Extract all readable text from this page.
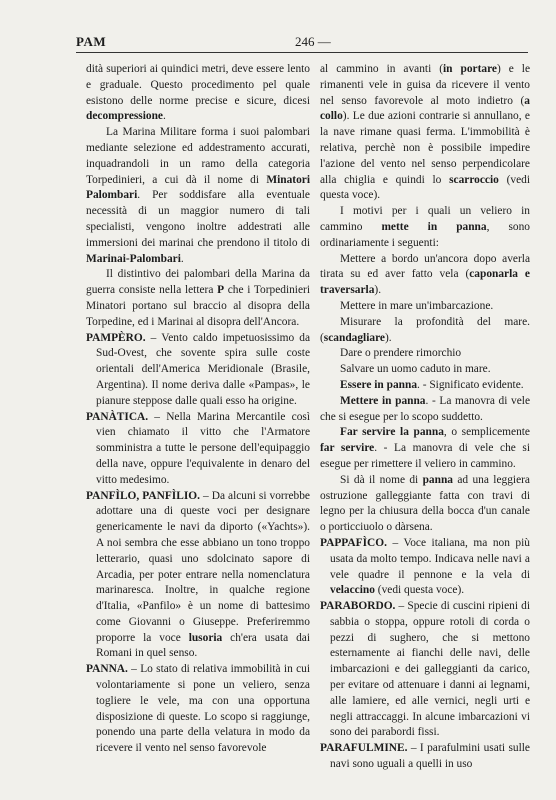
PAM	246 —

dità superiori ai quindici metri, deve essere lento e graduale. Questo procedimento pel quale esistono delle norme precise e sicure, dicesi decompressione.

La Marina Militare forma i suoi palombari mediante selezione ed addestramento accurati, inquadrandoli in un ramo della categoria Torpedinieri, a cui dà il nome di Minatori Palombari. Per soddisfare alla eventuale necessità di un maggior numero di tali specialisti, vengono inoltre addestrati alle immersioni dei marinai che prendono il titolo di Marinai-Palombari.

Il distintivo dei palombari della Marina da guerra consiste nella lettera P che i Torpedinieri Minatori portano sul braccio al disopra della Torpedine, ed i Marinai al disopra dell'Ancora.

PAMPÈRO. – Vento caldo impetuosissimo da Sud-Ovest, che sovente spira sulle coste orientali dell'America Meridionale (Brasile, Argentina). Il nome deriva dalle «Pampas», le pianure steppose dalle quali esso ha origine.

PANÀTICA. – Nella Marina Mercantile così vien chiamato il vitto che l'Armatore somministra a tutte le persone dell'equipaggio della nave, oppure l'equivalente in denaro del vitto medesimo.

PANFÌLO, PANFÌLIO. – Da alcuni si vorrebbe adottare una di queste voci per designare genericamente le navi da diporto («Yachts»). A noi sembra che esse abbiano un tono troppo letterario, quasi uno sdolcinato sapore di Arcadia, per poter entrare nella nomenclatura marinaresca. Inoltre, in qualche regione d'Italia, «Panfilo» è un nome di battesimo come Giovanni o Giuseppe. Preferiremmo proporre la voce lusoria ch'era usata dai Romani in quel senso.

PANNA. – Lo stato di relativa immobilità in cui volontariamente si pone un veliero, senza togliere le vele, ma con una opportuna disposizione di queste. Lo scopo si raggiunge, ponendo una parte della velatura in modo da ricevere il vento nel senso favorevole

al cammino in avanti (in portare) e le rimanenti vele in guisa da ricevere il vento nel senso favorevole al moto indietro (a collo). Le due azioni contrarie si annullano, e la nave rimane quasi ferma. L'immobilità è relativa, perchè non è possibile impedire l'azione del vento nel senso perpendicolare alla chiglia e quindi lo scarroccio (vedi questa voce).

I motivi per i quali un veliero in cammino mette in panna, sono ordinariamente i seguenti:

Mettere a bordo un'ancora dopo averla tirata su ed aver fatto vela (caponarla e traversarla).

Mettere in mare un'imbarcazione.

Misurare la profondità del mare. (scandagliare).

Dare o prendere rimorchio

Salvare un uomo caduto in mare.

Essere in panna. - Significato evidente.

Mettere in panna. - La manovra di vele che si esegue per lo scopo suddetto.

Far servire la panna, o semplicemente far servire. - La manovra di vele che si esegue per rimettere il veliero in cammino.

Si dà il nome di panna ad una leggiera ostruzione galleggiante fatta con travi di legno per la chiusura della bocca d'un canale o porticciuolo o dàrsena.

PAPPAFÌCO. – Voce italiana, ma non più usata da molto tempo. Indicava nelle navi a vele quadre il pennone e la vela di velaccino (vedi questa voce).

PARABORDO. – Specie di cuscini ripieni di sabbia o stoppa, oppure rotoli di corda o pezzi di sughero, che si mettono esternamente ai fianchi delle navi, delle imbarcazioni e dei galleggianti da carico, per evitare od attenuare i danni ai legnami, alle lamiere, ed alle vernici, negli urti e negli attraccaggi. In alcune imbarcazioni vi sono dei parabordi fissi.

PARAFULMINE. – I parafulmini usati sulle navi sono uguali a quelli in uso
